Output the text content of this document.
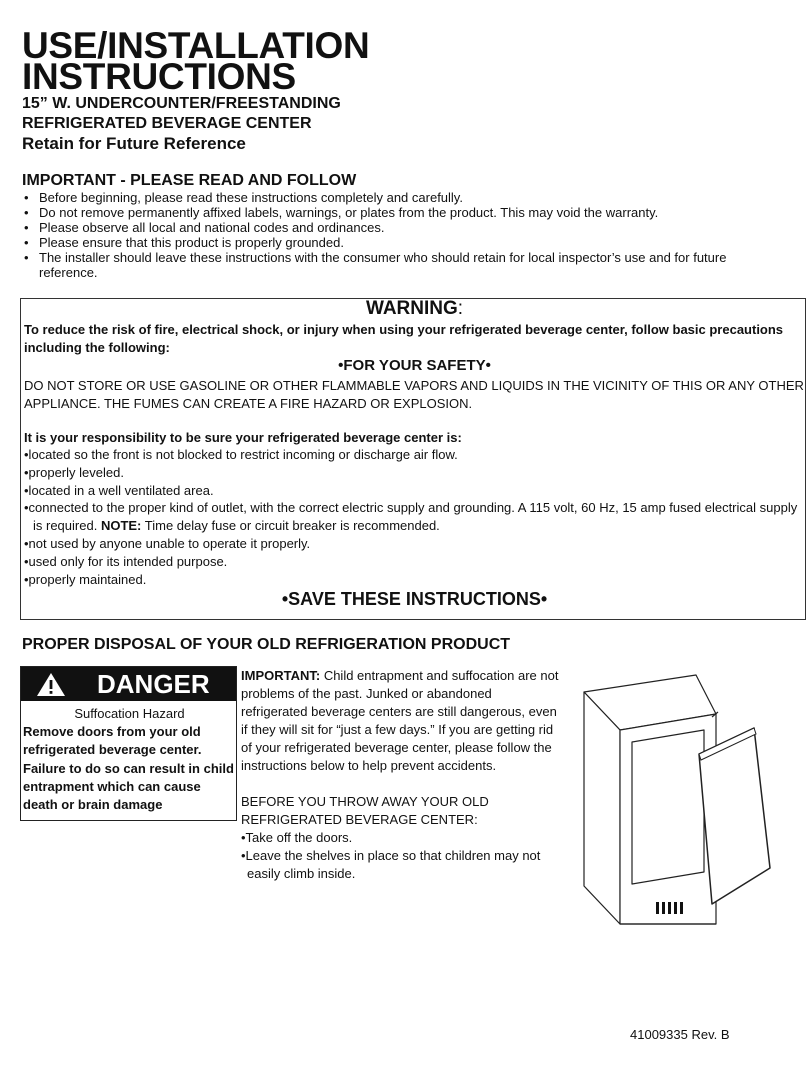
USE/INSTALLATION
INSTRUCTIONS
15” W. UNDERCOUNTER/FREESTANDING
REFRIGERATED BEVERAGE CENTER
Retain for Future Reference
IMPORTANT - PLEASE READ AND FOLLOW
• Before beginning, please read these instructions completely and carefully.
• Do not remove permanently affixed labels, warnings, or plates from the product. This may void the warranty.
• Please observe all local and national codes and ordinances.
• Please ensure that this product is properly grounded.
• The installer should leave these instructions with the consumer who should retain for local inspector’s use and for future reference.
WARNING:
To reduce the risk of fire, electrical shock, or injury when using your refrigerated beverage center, follow basic precautions including the following:
•FOR YOUR SAFETY•
DO NOT STORE OR USE GASOLINE OR OTHER FLAMMABLE VAPORS AND LIQUIDS IN THE VICINITY OF THIS OR ANY OTHER APPLIANCE. THE FUMES CAN CREATE A FIRE HAZARD OR EXPLOSION.
It is your responsibility to be sure your refrigerated beverage center is:
•located so the front is not blocked to restrict incoming or discharge air flow.
•properly leveled.
•located in a well ventilated area.
•connected to the proper kind of outlet, with the correct electric supply and grounding. A 115 volt, 60 Hz, 15 amp fused electrical supply is required. NOTE: Time delay fuse or circuit breaker is recommended.
•not used by anyone unable to operate it properly.
•used only for its intended purpose.
•properly maintained.
•SAVE THESE INSTRUCTIONS•
PROPER DISPOSAL OF YOUR OLD REFRIGERATION PRODUCT
DANGER
Suffocation Hazard
Remove doors from your old refrigerated beverage center. Failure to do so can result in child entrapment which can cause death or brain damage

IMPORTANT: Child entrapment and suffocation are not problems of the past. Junked or abandoned refrigerated beverage centers are still dangerous, even if they will sit for “just a few days.” If you are getting rid of your refrigerated beverage center, please follow the instructions below to help prevent accidents.

BEFORE YOU THROW AWAY YOUR OLD REFRIGERATED BEVERAGE CENTER:

•Take off the doors.

•Leave the shelves in place so that children may not easily climb inside.

41009335 Rev. B
